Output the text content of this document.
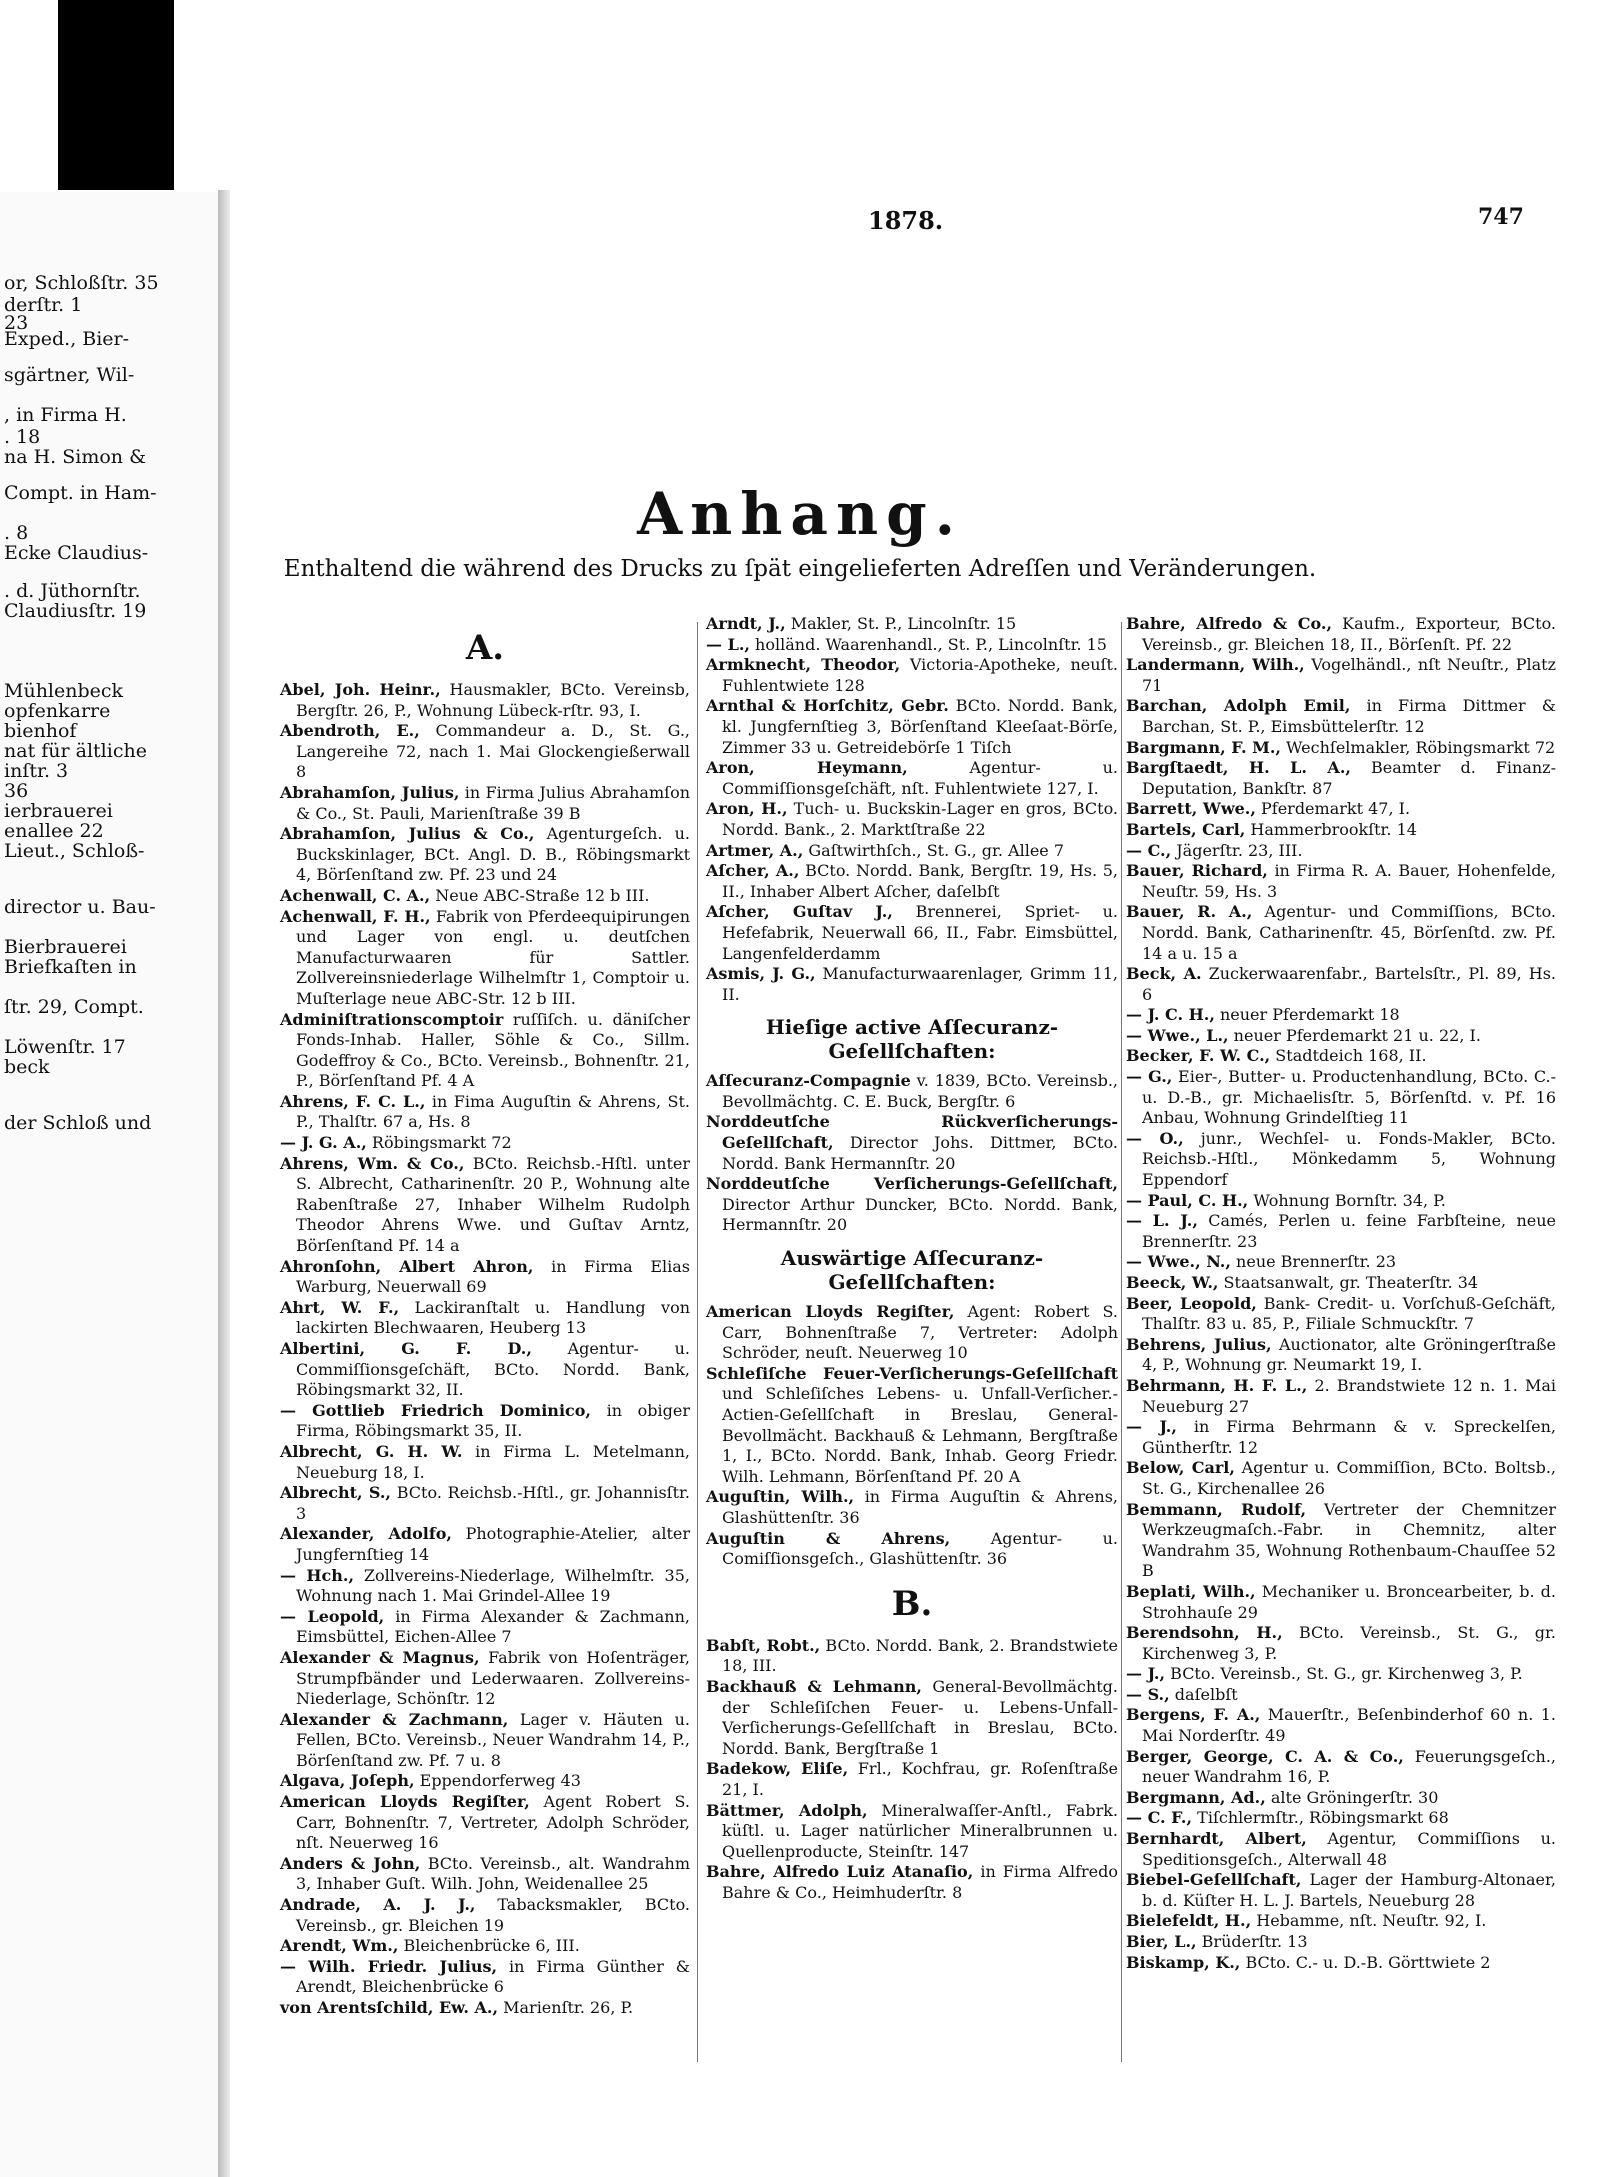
or, Schloßſtr. 35
derſtr. 1
23
Exped., Bier-
sgärtner, Wil-
, in Firma H.
. 18
na H. Simon &
Compt. in Ham-
. 8
Ecke Claudius-
. d. Jüthornſtr.
Claudiusſtr. 19
Mühlenbeck
opfenkarre
bienhof
nat für ältliche
inſtr. 3
36
ierbrauerei
enallee 22
Lieut., Schloß-
director u. Bau-
Bierbrauerei
Briefkaſten in
ſtr. 29, Compt.
Löwenſtr. 17
beck
der Schloß und
1878.	747
Anhang.
Enthaltend die während des Drucks zu ſpät eingelieferten Adreſſen und Veränderungen.
A.
Abel, Joh. Heinr., Hausmakler, BCto. Vereinsb, Bergſtr. 26, P., Wohnung Lübeck-rſtr. 93, I.
Abendroth, E., Commandeur a. D., St. G., Langereihe 72, nach 1. Mai Glockengießerwall 8
Abrahamſon, Julius, in Firma Julius Abrahamſon & Co., St. Pauli, Marienſtraße 39 B
Abrahamſon, Julius & Co., Agenturgeſch. u. Buckskinlager, BCt. Angl. D. B., Röbingsmarkt 4, Börſenſtand zw. Pf. 23 und 24
Achenwall, C. A., Neue ABC-Straße 12 b III.
Achenwall, F. H., Fabrik von Pferdeequipirungen und Lager von engl. u. deutſchen Manufacturwaaren für Sattler. Zollvereinsniederlage Wilhelmſtr 1, Comptoir u. Muſterlage neue ABC-Str. 12 b III.
Adminiſtrationscomptoir ruſſiſch. u. däniſcher Fonds-Inhab. Haller, Söhle & Co., Sillm. Godeffroy & Co., BCto. Vereinsb., Bohnenſtr. 21, P., Börſenſtand Pf. 4 A
Ahrens, F. C. L., in Fima Auguſtin & Ahrens, St. P., Thalſtr. 67 a, Hs. 8
— J. G. A., Röbingsmarkt 72
Ahrens, Wm. & Co., BCto. Reichsb.-Hſtl. unter S. Albrecht, Catharinenſtr. 20 P., Wohnung alte Rabenſtraße 27, Inhaber Wilhelm Rudolph Theodor Ahrens Wwe. und Guſtav Arntz, Börſenſtand Pf. 14 a
Ahronſohn, Albert Ahron, in Firma Elias Warburg, Neuerwall 69
Ahrt, W. F., Lackiranſtalt u. Handlung von lackirten Blechwaaren, Heuberg 13
Albertini, G. F. D., Agentur- u. Commiſſionsgeſchäft, BCto. Nordd. Bank, Röbingsmarkt 32, II.
— Gottlieb Friedrich Dominico, in obiger Firma, Röbingsmarkt 35, II.
Albrecht, G. H. W. in Firma L. Metelmann, Neueburg 18, I.
Albrecht, S., BCto. Reichsb.-Hſtl., gr. Johannisſtr. 3
Alexander, Adolfo, Photographie-Atelier, alter Jungfernſtieg 14
— Hch., Zollvereins-Niederlage, Wilhelmſtr. 35, Wohnung nach 1. Mai Grindel-Allee 19
— Leopold, in Firma Alexander & Zachmann, Eimsbüttel, Eichen-Allee 7
Alexander & Magnus, Fabrik von Hoſenträger, Strumpfbänder und Lederwaaren. Zollvereins-Niederlage, Schönſtr. 12
Alexander & Zachmann, Lager v. Häuten u. Fellen, BCto. Vereinsb., Neuer Wandrahm 14, P., Börſenſtand zw. Pf. 7 u. 8
Algava, Joſeph, Eppendorferweg 43
American Lloyds Regiſter, Agent Robert S. Carr, Bohnenſtr. 7, Vertreter, Adolph Schröder, nſt. Neuerweg 16
Anders & John, BCto. Vereinsb., alt. Wandrahm 3, Inhaber Guſt. Wilh. John, Weidenallee 25
Andrade, A. J. J., Tabacksmakler, BCto. Vereinsb., gr. Bleichen 19
Arendt, Wm., Bleichenbrücke 6, III.
— Wilh. Friedr. Julius, in Firma Günther & Arendt, Bleichenbrücke 6
von Arentsſchild, Ew. A., Marienſtr. 26, P.
Arndt, J., Makler, St. P., Lincolnſtr. 15
— L., holländ. Waarenhandl., St. P., Lincolnſtr. 15
Armknecht, Theodor, Victoria-Apotheke, neuſt. Fuhlentwiete 128
Arnthal & Horſchitz, Gebr. BCto. Nordd. Bank, kl. Jungfernſtieg 3, Börſenſtand Kleeſaat-Börſe, Zimmer 33 u. Getreidebörſe 1 Tiſch
Aron, Heymann, Agentur- u. Commiſſionsgeſchäft, nſt. Fuhlentwiete 127, I.
Aron, H., Tuch- u. Buckskin-Lager en gros, BCto. Nordd. Bank., 2. Marktſtraße 22
Artmer, A., Gaſtwirthſch., St. G., gr. Allee 7
Aſcher, A., BCto. Nordd. Bank, Bergſtr. 19, Hs. 5, II., Inhaber Albert Aſcher, daſelbſt
Aſcher, Guſtav J., Brennerei, Spriet- u. Hefefabrik, Neuerwall 66, II., Fabr. Eimsbüttel, Langenfelderdamm
Asmis, J. G., Manufacturwaarenlager, Grimm 11, II.
Hieſige active Aſſecuranz-Geſellſchaften:
Aſſecuranz-Compagnie v. 1839, BCto. Vereinsb., Bevollmächtg. C. E. Buck, Bergſtr. 6
Norddeutſche Rückverſicherungs-Geſellſchaft, Director Johs. Dittmer, BCto. Nordd. Bank Hermannſtr. 20
Norddeutſche Verſicherungs-Geſellſchaft, Director Arthur Duncker, BCto. Nordd. Bank, Hermannſtr. 20
Auswärtige Aſſecuranz-Geſellſchaften:
American Lloyds Regiſter, Agent: Robert S. Carr, Bohnenſtraße 7, Vertreter: Adolph Schröder, neuſt. Neuerweg 10
Schleſiſche Feuer-Verſicherungs-Geſellſchaft und Schleſiſches Lebens- u. Unfall-Verſicher.-Actien-Geſellſchaft in Breslau, General-Bevollmächt. Backhauß & Lehmann, Bergſtraße 1, I., BCto. Nordd. Bank, Inhab. Georg Friedr. Wilh. Lehmann, Börſenſtand Pf. 20 A
Auguſtin, Wilh., in Firma Auguſtin & Ahrens, Glashüttenſtr. 36
Auguſtin & Ahrens, Agentur- u. Comiſſionsgeſch., Glashüttenſtr. 36
B.
Babſt, Robt., BCto. Nordd. Bank, 2. Brandstwiete 18, III.
Backhauß & Lehmann, General-Bevollmächtg. der Schleſiſchen Feuer- u. Lebens-Unfall-Verſicherungs-Geſellſchaft in Breslau, BCto. Nordd. Bank, Bergſtraße 1
Badekow, Eliſe, Frl., Kochfrau, gr. Roſenſtraße 21, I.
Bättmer, Adolph, Mineralwaſſer-Anſtl., Fabrk. küſtl. u. Lager natürlicher Mineralbrunnen u. Quellenproducte, Steinſtr. 147
Bahre, Alfredo Luiz Atanaſio, in Firma Alfredo Bahre & Co., Heimhuderſtr. 8
Bahre, Alfredo & Co., Kaufm., Exporteur, BCto. Vereinsb., gr. Bleichen 18, II., Börſenſt. Pf. 22
Landermann, Wilh., Vogelhändl., nſt Neuſtr., Platz 71
Barchan, Adolph Emil, in Firma Dittmer & Barchan, St. P., Eimsbüttelerſtr. 12
Bargmann, F. M., Wechſelmakler, Röbingsmarkt 72
Bargſtaedt, H. L. A., Beamter d. Finanz-Deputation, Bankſtr. 87
Barrett, Wwe., Pferdemarkt 47, I.
Bartels, Carl, Hammerbrookſtr. 14
— C., Jägerſtr. 23, III.
Bauer, Richard, in Firma R. A. Bauer, Hohenfelde, Neuſtr. 59, Hs. 3
Bauer, R. A., Agentur- und Commiſſions, BCto. Nordd. Bank, Catharinenſtr. 45, Börſenſtd. zw. Pf. 14 a u. 15 a
Beck, A. Zuckerwaarenfabr., Bartelsſtr., Pl. 89, Hs. 6
— J. C. H., neuer Pferdemarkt 18
— Wwe., L., neuer Pferdemarkt 21 u. 22, I.
Becker, F. W. C., Stadtdeich 168, II.
— G., Eier-, Butter- u. Productenhandlung, BCto. C.- u. D.-B., gr. Michaelisſtr. 5, Börſenſtd. v. Pf. 16 Anbau, Wohnung Grindelſtieg 11
— O., junr., Wechſel- u. Fonds-Makler, BCto. Reichsb.-Hſtl., Mönkedamm 5, Wohnung Eppendorf
— Paul, C. H., Wohnung Bornſtr. 34, P.
— L. J., Camés, Perlen u. feine Farbſteine, neue Brennerſtr. 23
— Wwe., N., neue Brennerſtr. 23
Beeck, W., Staatsanwalt, gr. Theaterſtr. 34
Beer, Leopold, Bank- Credit- u. Vorſchuß-Geſchäft, Thalſtr. 83 u. 85, P., Filiale Schmuckſtr. 7
Behrens, Julius, Auctionator, alte Gröningerſtraße 4, P., Wohnung gr. Neumarkt 19, I.
Behrmann, H. F. L., 2. Brandstwiete 12 n. 1. Mai Neueburg 27
— J., in Firma Behrmann & v. Spreckelſen, Güntherſtr. 12
Below, Carl, Agentur u. Commiſſion, BCto. Boltsb., St. G., Kirchenallee 26
Bemmann, Rudolf, Vertreter der Chemnitzer Werkzeugmaſch.-Fabr. in Chemnitz, alter Wandrahm 35, Wohnung Rothenbaum-Chauſſee 52 B
Beplati, Wilh., Mechaniker u. Broncearbeiter, b. d. Strohhauſe 29
Berendsohn, H., BCto. Vereinsb., St. G., gr. Kirchenweg 3, P.
— J., BCto. Vereinsb., St. G., gr. Kirchenweg 3, P.
— S., daſelbſt
Bergens, F. A., Mauerſtr., Beſenbinderhof 60 n. 1. Mai Norderſtr. 49
Berger, George, C. A. & Co., Feuerungsgeſch., neuer Wandrahm 16, P.
Bergmann, Ad., alte Gröningerſtr. 30
— C. F., Tiſchlermſtr., Röbingsmarkt 68
Bernhardt, Albert, Agentur, Commiſſions u. Speditionsgeſch., Alterwall 48
Biebel-Geſellſchaft, Lager der Hamburg-Altonaer, b. d. Küſter H. L. J. Bartels, Neueburg 28
Bielefeldt, H., Hebamme, nſt. Neuſtr. 92, I.
Bier, L., Brüderſtr. 13
Biskamp, K., BCto. C.- u. D.-B. Görttwiete 2
